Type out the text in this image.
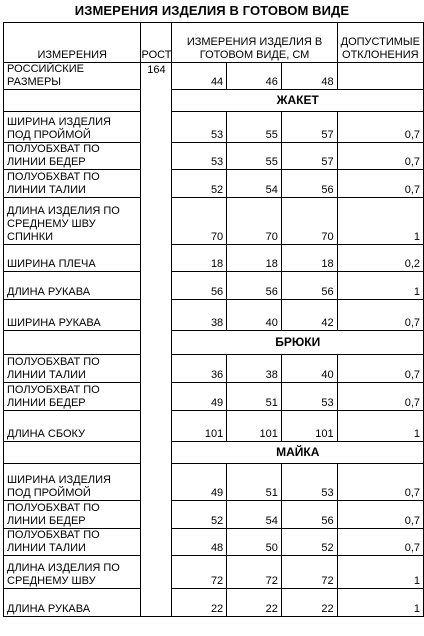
ИЗМЕРЕНИЯ ИЗДЕЛИЯ В ГОТОВОМ ВИДЕ
ИЗМЕРЕНИЯ	РОСТ	ИЗМЕРЕНИЯ ИЗДЕЛИЯ В ГОТОВОМ ВИДЕ, СМ			ДОПУСТИМЫЕ ОТКЛОНЕНИЯ
РОССИЙСКИЕ РАЗМЕРЫ	164	44	46	48	
		ЖАКЕТ			
ШИРИНА ИЗДЕЛИЯ ПОД ПРОЙМОЙ		53	55	57	0,7
ПОЛУОБХВАТ ПО ЛИНИИ БЕДЕР		53	55	57	0,7
ПОЛУОБХВАТ ПО ЛИНИИ ТАЛИИ		52	54	56	0,7
ДЛИНА ИЗДЕЛИЯ ПО СРЕДНЕМУ ШВУ СПИНКИ		70	70	70	1
ШИРИНА ПЛЕЧА		18	18	18	0,2
ДЛИНА РУКАВА		56	56	56	1
ШИРИНА РУКАВА		38	40	42	0,7
		БРЮКИ			
ПОЛУОБХВАТ ПО ЛИНИИ ТАЛИИ		36	38	40	0,7
ПОЛУОБХВАТ ПО ЛИНИИ БЕДЕР		49	51	53	0,7
ДЛИНА СБОКУ		101	101	101	1
		МАЙКА			
ШИРИНА ИЗДЕЛИЯ ПОД ПРОЙМОЙ		49	51	53	0,7
ПОЛУОБХВАТ ПО ЛИНИИ БЕДЕР		52	54	56	0,7
ПОЛУОБХВАТ ПО ЛИНИИ ТАЛИИ		48	50	52	0,7
ДЛИНА ИЗДЕЛИЯ ПО СРЕДНЕМУ ШВУ		72	72	72	1
ДЛИНА РУКАВА		22	22	22	1
